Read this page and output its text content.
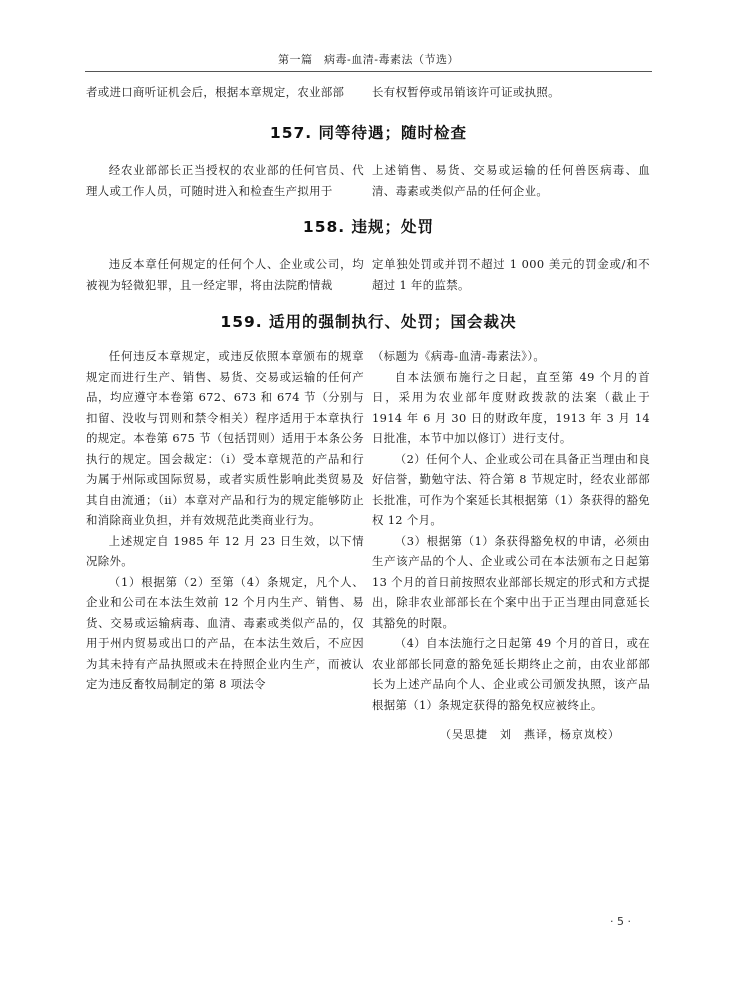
第一篇　病毒-血清-毒素法（节选）

者或进口商听证机会后，根据本章规定，农业部部	长有权暂停或吊销该许可证或执照。

157. 同等待遇；随时检查

经农业部部长正当授权的农业部的任何官员、代理人或工作人员，可随时进入和检查生产拟用于

上述销售、易货、交易或运输的任何兽医病毒、血清、毒素或类似产品的任何企业。

158. 违规；处罚

违反本章任何规定的任何个人、企业或公司，均被视为轻微犯罪，且一经定罪，将由法院酌情裁

定单独处罚或并罚不超过 1 000 美元的罚金或/和不超过 1 年的监禁。

159. 适用的强制执行、处罚；国会裁决

任何违反本章规定，或违反依照本章颁布的规章规定而进行生产、销售、易货、交易或运输的任何产品，均应遵守本卷第 672、673 和 674 节（分别与扣留、没收与罚则和禁令相关）程序适用于本章执行的规定。本卷第 675 节（包括罚则）适用于本条公务执行的规定。国会裁定：（ⅰ）受本章规范的产品和行为属于州际或国际贸易，或者实质性影响此类贸易及其自由流通；（ⅱ）本章对产品和行为的规定能够防止和消除商业负担，并有效规范此类商业行为。

上述规定自 1985 年 12 月 23 日生效，以下情况除外。

（1）根据第（2）至第（4）条规定，凡个人、企业和公司在本法生效前 12 个月内生产、销售、易货、交易或运输病毒、血清、毒素或类似产品的，仅用于州内贸易或出口的产品，在本法生效后，不应因为其未持有产品执照或未在持照企业内生产，而被认定为违反畜牧局制定的第 8 项法令

（标题为《病毒-血清-毒素法》）。

自本法颁布施行之日起，直至第 49 个月的首日，采用为农业部年度财政拨款的法案（截止于 1914 年 6 月 30 日的财政年度，1913 年 3 月 14 日批准，本节中加以修订）进行支付。

（2）任何个人、企业或公司在具备正当理由和良好信誉，勤勉守法、符合第 8 节规定时，经农业部部长批准，可作为个案延长其根据第（1）条获得的豁免权 12 个月。

（3）根据第（1）条获得豁免权的申请，必须由生产该产品的个人、企业或公司在本法颁布之日起第 13 个月的首日前按照农业部部长规定的形式和方式提出，除非农业部部长在个案中出于正当理由同意延长其豁免的时限。

（4）自本法施行之日起第 49 个月的首日，或在农业部部长同意的豁免延长期终止之前，由农业部部长为上述产品向个人、企业或公司颁发执照，该产品根据第（1）条规定获得的豁免权应被终止。

（吴思捷　刘　燕译，杨京岚校）
· 5 ·
